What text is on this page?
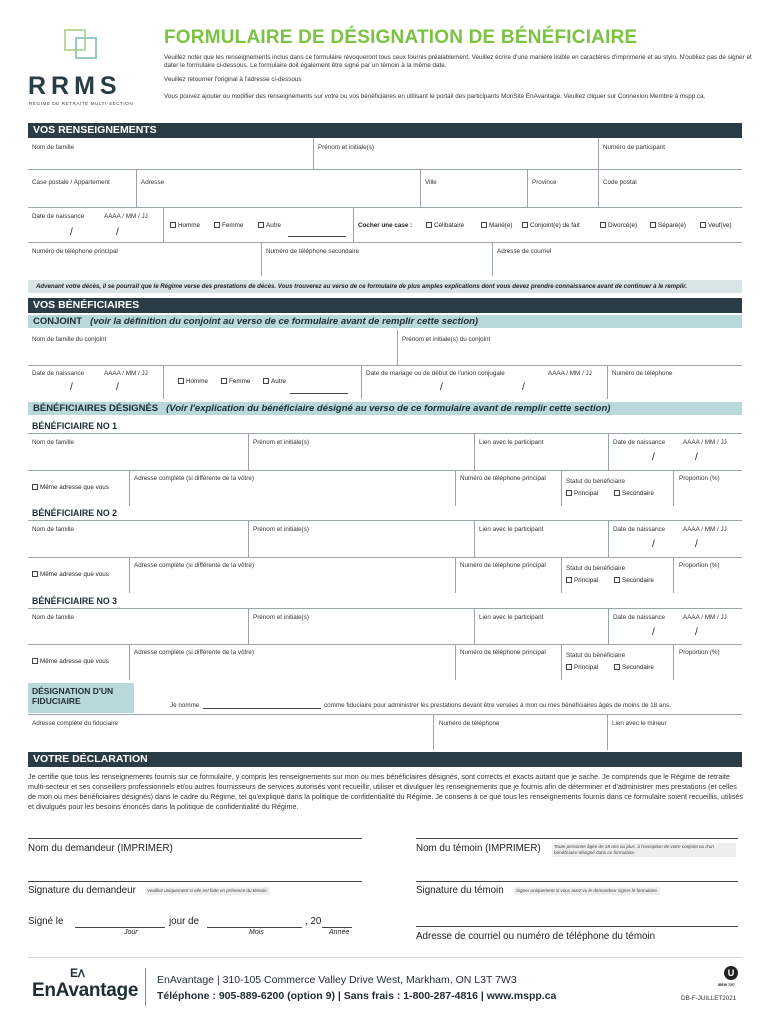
RRMS
RÉGIME DE RETRAITE MULTI-SECTION
FORMULAIRE DE DÉSIGNATION DE BÉNÉFICIAIRE
Veuillez noter que les renseignements inclus dans ce formulaire révoqueront tous ceux fournis préalablement. Veuillez écrire d'une manière lisible en caractères d'imprimerie et au stylo. N'oubliez pas de signer et dater le formulaire ci-dessous. Le formulaire doit également être signé par un témoin à la même date.
Veuillez retourner l'original à l'adresse ci-dessous
Vous pouvez ajouter ou modifier des renseignements sur votre ou vos bénéficiaires en utilisant le portail des participants MonSite EnAvantage. Veuillez cliquer sur Connexion Membre à mspp.ca.
VOS RENSEIGNEMENTS
Nom de famille	Prénom et initiale(s)	Numéro de participant
Case postale / Appartement	Adresse	Ville	Province	Code postal
Date de naissance	AAAA / MM / JJ
/	/
Homme	Femme	Autre	Cocher une case :	Célibataire	Marié(e)	Conjoint(e) de fait	Divorcé(e)	Séparé(e)	Veuf(ve)
Numéro de téléphone principal	Numéro de téléphone secondaire	Adresse de courriel
Advenant votre décès, il se pourrait que le Régime verse des prestations de décès. Vous trouverez au verso de ce formulaire de plus amples explications dont vous devez prendre connaissance avant de continuer à le remplir.
VOS BÉNÉFICIAIRES
CONJOINT (voir la définition du conjoint au verso de ce formulaire avant de remplir cette section)
Nom de famille du conjoint	Prénom et initiale(s) du conjoint
Date de naissance	AAAA / MM / JJ
/	/
Homme	Femme	Autre
Date de mariage ou de début de l'union conjugale	AAAA / MM / JJ
/	/
Numéro de téléphone
BÉNÉFICIAIRES DÉSIGNÉS (Voir l'explication du bénéficiaire désigné au verso de ce formulaire avant de remplir cette section)
BÉNÉFICIAIRE NO 1
Nom de famille	Prénom et initiale(s)	Lien avec le participant	Date de naissance	AAAA / MM / JJ
/	/
Même adresse que vous
Adresse complète (si différente de la vôtre)	Numéro de téléphone principal	Statut du bénéficiaire
Principal	Secondaire
Proportion (%)
BÉNÉFICIAIRE NO 2
Nom de famille	Prénom et initiale(s)	Lien avec le participant	Date de naissance	AAAA / MM / JJ
/	/
Même adresse que vous
Adresse complète (si différente de la vôtre)	Numéro de téléphone principal	Statut du bénéficiaire
Principal	Secondaire
Proportion (%)
BÉNÉFICIAIRE NO 3
Nom de famille	Prénom et initiale(s)	Lien avec le participant	Date de naissance	AAAA / MM / JJ
/	/
Même adresse que vous
Adresse complète (si différente de la vôtre)	Numéro de téléphone principal	Statut du bénéficiaire
Principal	Secondaire
Proportion (%)
DÉSIGNATION D'UN FIDUCIAIRE	Je nomme	comme fiduciaire pour administrer les prestations devant être versées à mon ou mes bénéficiaires âgés de moins de 18 ans.
Adresse complète du fiduciaire	Numéro de téléphone	Lien avec le mineur
VOTRE DÉCLARATION
Je certifie que tous les renseignements fournis sur ce formulaire, y compris les renseignements sur mon ou mes bénéficiaires désignés, sont corrects et exacts autant que je sache. Je comprends que le Régime de retraite multi-secteur et ses conseillers professionnels et/ou autres fournisseurs de services autorisés vont recueillir, utiliser et divulguer les renseignements que je fournis afin de déterminer et d'administrer mes prestations (et celles de mon ou mes bénéficiaires désignés) dans le cadre du Régime, tel qu'expliqué dans la politique de confidentialité du Régime. Je consens à ce que tous les renseignements fournis dans ce formulaire soient recueillis, utilisés et divulgués pour les besoins énoncés dans la politique de confidentialité du Régime.
Nom du demandeur (IMPRIMER)	Nom du témoin (IMPRIMER)	Toute personne âgée de 18 ans ou plus, à l'exception de votre conjoint ou d'un bénéficiaire désigné dans ce formulaire.
Signature du demandeur	Veuillez uniquement si elle est faite en présence du témoin.	Signature du témoin	Signer uniquement si vous avez vu le demandeur signer le formulaire.
Signé le	jour de	, 20
Jour	Mois	Année	Adresse de courriel ou numéro de téléphone du témoin
Eᐱ
EnAvantage EnAvantage | 310-105 Commerce Valley Drive West, Markham, ON L3T 7W3
Téléphone : 905-889-6200 (option 9) | Sans frais : 1-800-287-4816 | www.mspp.ca
U
IBEW 7/57
DB-F-JUILLET2021
